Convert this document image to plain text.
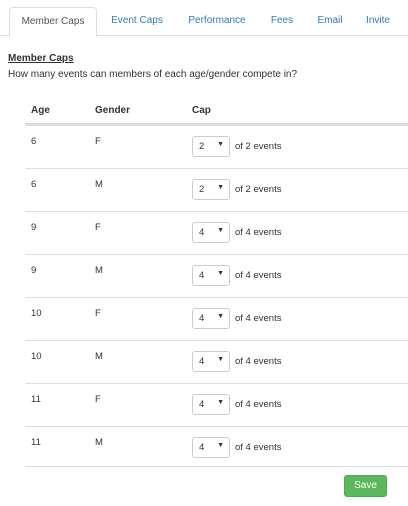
Member Caps	Event Caps	Performance	Fees	Email	Invite
Member Caps
How many events can members of each age/gender compete in?
Age	Gender	Cap
6	F	2 ▼ of 2 events
6	M	2 ▼ of 2 events
9	F	4 ▼ of 4 events
9	M	4 ▼ of 4 events
10	F	4 ▼ of 4 events
10	M	4 ▼ of 4 events
11	F	4 ▼ of 4 events
11	M	4 ▼ of 4 events
Save
